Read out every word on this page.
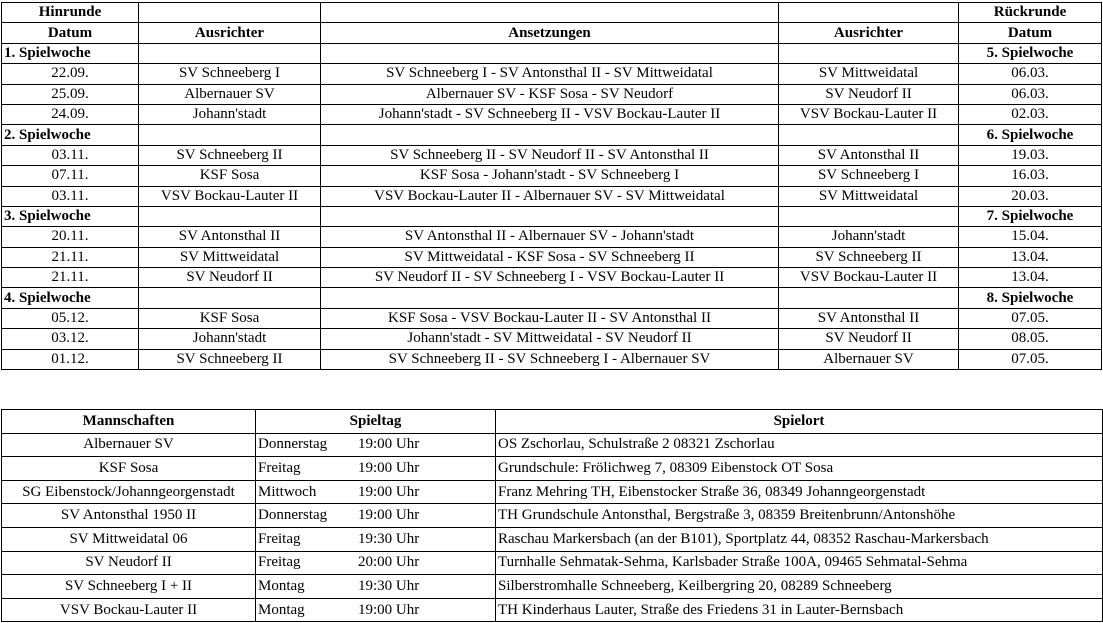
Hinrunde				Rückrunde
Datum	Ausrichter	Ansetzungen	Ausrichter	Datum
1. Spielwoche				5. Spielwoche
22.09.	SV Schneeberg I	SV Schneeberg I - SV Antonsthal II - SV Mittweidatal	SV Mittweidatal	06.03.
25.09.	Albernauer SV	Albernauer SV - KSF Sosa - SV Neudorf	SV Neudorf II	06.03.
24.09.	Johann'stadt	Johann'stadt - SV Schneeberg II - VSV Bockau-Lauter II	VSV Bockau-Lauter II	02.03.
2. Spielwoche				6. Spielwoche
03.11.	SV Schneeberg II	SV Schneeberg II - SV Neudorf II - SV Antonsthal II	SV Antonsthal II	19.03.
07.11.	KSF Sosa	KSF Sosa - Johann'stadt - SV Schneeberg I	SV Schneeberg I	16.03.
03.11.	VSV Bockau-Lauter II	VSV Bockau-Lauter II - Albernauer SV - SV Mittweidatal	SV Mittweidatal	20.03.
3. Spielwoche				7. Spielwoche
20.11.	SV Antonsthal II	SV Antonsthal II - Albernauer SV - Johann'stadt	Johann'stadt	15.04.
21.11.	SV Mittweidatal	SV Mittweidatal - KSF Sosa - SV Schneeberg II	SV Schneeberg II	13.04.
21.11.	SV Neudorf II	SV Neudorf II - SV Schneeberg I - VSV Bockau-Lauter II	VSV Bockau-Lauter II	13.04.
4. Spielwoche				8. Spielwoche
05.12.	KSF Sosa	KSF Sosa - VSV Bockau-Lauter II - SV Antonsthal II	SV Antonsthal II	07.05.
03.12.	Johann'stadt	Johann'stadt - SV Mittweidatal - SV Neudorf II	SV Neudorf II	08.05.
01.12.	SV Schneeberg II	SV Schneeberg II - SV Schneeberg I - Albernauer SV	Albernauer SV	07.05.
Mannschaften	Spieltag	Spielort
Albernauer SV	Donnerstag 19:00 Uhr	OS Zschorlau, Schulstraße 2 08321 Zschorlau
KSF Sosa	Freitag 19:00 Uhr	Grundschule: Frölichweg 7, 08309 Eibenstock OT Sosa
SG Eibenstock/Johanngeorgenstadt	Mittwoch 19:00 Uhr	Franz Mehring TH, Eibenstocker Straße 36, 08349 Johanngeorgenstadt
SV Antonsthal 1950 II	Donnerstag 19:00 Uhr	TH Grundschule Antonsthal, Bergstraße 3, 08359 Breitenbrunn/Antonshöhe
SV Mittweidatal 06	Freitag 19:30 Uhr	Raschau Markersbach (an der B101), Sportplatz 44, 08352 Raschau-Markersbach
SV Neudorf II	Freitag 20:00 Uhr	Turnhalle Sehmatak-Sehma, Karlsbader Straße 100A, 09465 Sehmatal-Sehma
SV Schneeberg I + II	Montag 19:30 Uhr	Silberstromhalle Schneeberg, Keilbergring 20, 08289 Schneeberg
VSV Bockau-Lauter II	Montag 19:00 Uhr	TH Kinderhaus Lauter, Straße des Friedens 31 in Lauter-Bernsbach
